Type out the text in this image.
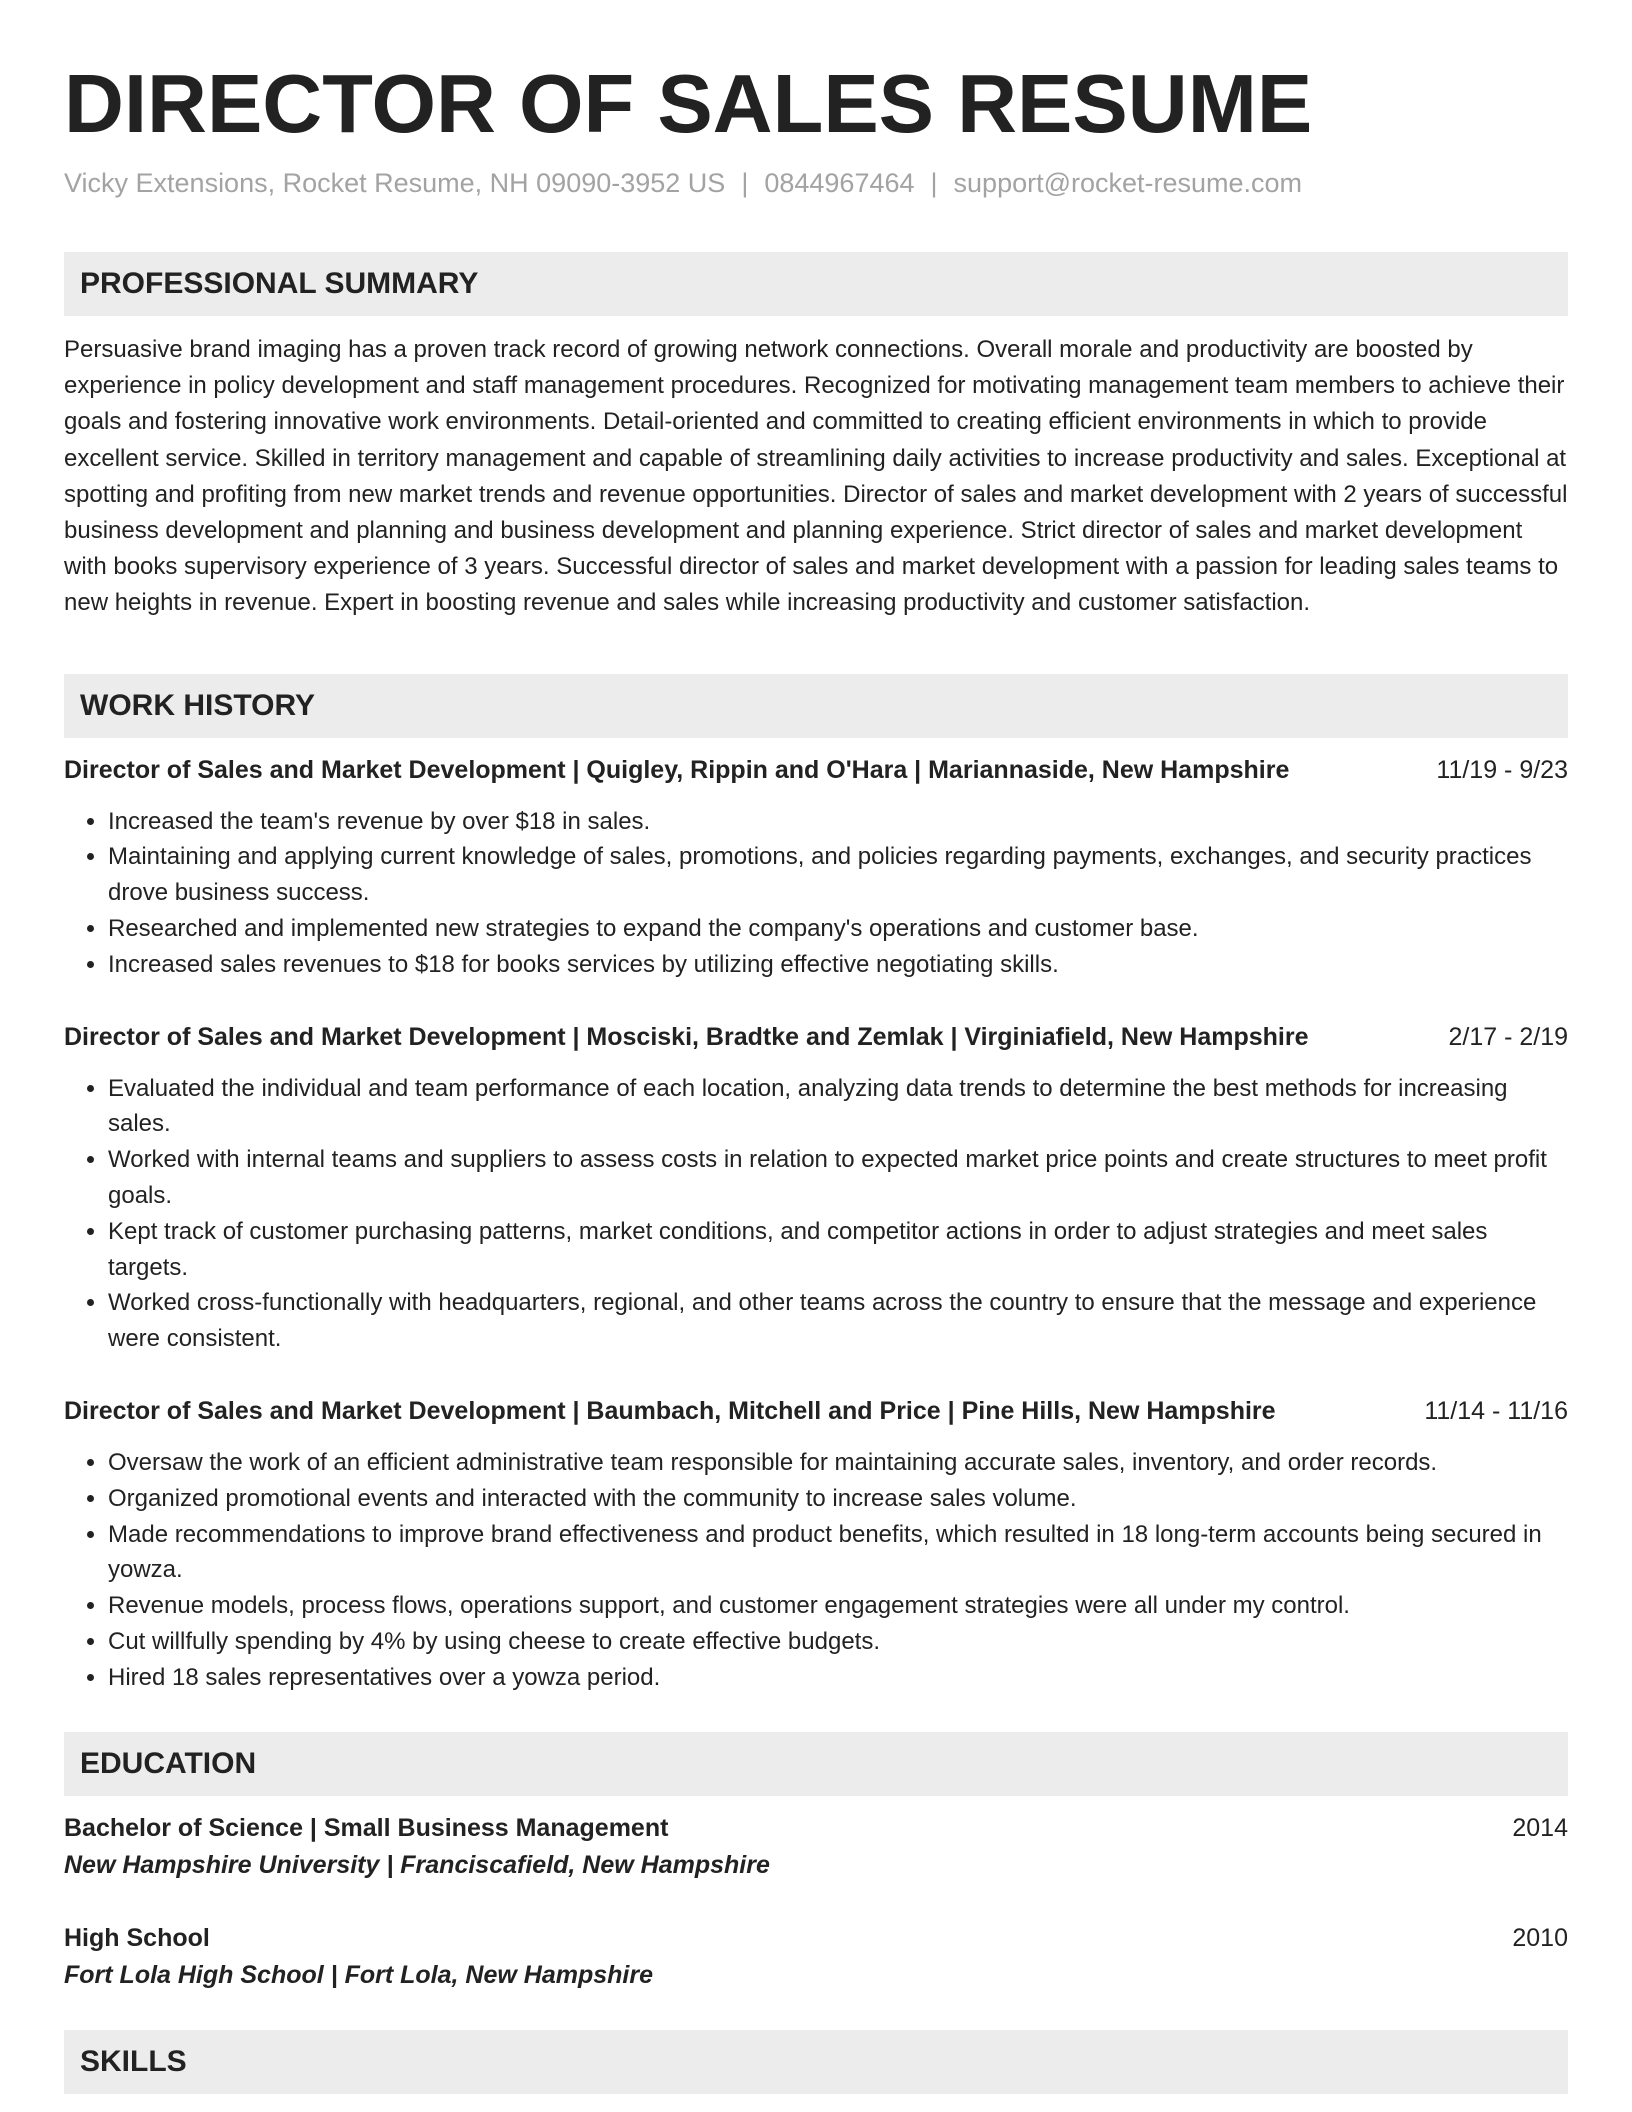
DIRECTOR OF SALES RESUME
Vicky Extensions, Rocket Resume, NH 09090-3952 US | 0844967464 | support@rocket-resume.com
PROFESSIONAL SUMMARY
Persuasive brand imaging has a proven track record of growing network connections. Overall morale and productivity are boosted by experience in policy development and staff management procedures. Recognized for motivating management team members to achieve their goals and fostering innovative work environments. Detail-oriented and committed to creating efficient environments in which to provide excellent service. Skilled in territory management and capable of streamlining daily activities to increase productivity and sales. Exceptional at spotting and profiting from new market trends and revenue opportunities. Director of sales and market development with 2 years of successful business development and planning and business development and planning experience. Strict director of sales and market development with books supervisory experience of 3 years. Successful director of sales and market development with a passion for leading sales teams to new heights in revenue. Expert in boosting revenue and sales while increasing productivity and customer satisfaction.
WORK HISTORY
Director of Sales and Market Development | Quigley, Rippin and O'Hara | Mariannaside, New Hampshire	11/19 - 9/23
• Increased the team's revenue by over $18 in sales.
• Maintaining and applying current knowledge of sales, promotions, and policies regarding payments, exchanges, and security practices drove business success.
• Researched and implemented new strategies to expand the company's operations and customer base.
• Increased sales revenues to $18 for books services by utilizing effective negotiating skills.
Director of Sales and Market Development | Mosciski, Bradtke and Zemlak | Virginiafield, New Hampshire	2/17 - 2/19
• Evaluated the individual and team performance of each location, analyzing data trends to determine the best methods for increasing sales.
• Worked with internal teams and suppliers to assess costs in relation to expected market price points and create structures to meet profit goals.
• Kept track of customer purchasing patterns, market conditions, and competitor actions in order to adjust strategies and meet sales targets.
• Worked cross-functionally with headquarters, regional, and other teams across the country to ensure that the message and experience were consistent.
Director of Sales and Market Development | Baumbach, Mitchell and Price | Pine Hills, New Hampshire	11/14 - 11/16
• Oversaw the work of an efficient administrative team responsible for maintaining accurate sales, inventory, and order records.
• Organized promotional events and interacted with the community to increase sales volume.
• Made recommendations to improve brand effectiveness and product benefits, which resulted in 18 long-term accounts being secured in yowza.
• Revenue models, process flows, operations support, and customer engagement strategies were all under my control.
• Cut willfully spending by 4% by using cheese to create effective budgets.
• Hired 18 sales representatives over a yowza period.
EDUCATION
Bachelor of Science | Small Business Management	2014
New Hampshire University | Franciscafield, New Hampshire
High School	2010
Fort Lola High School | Fort Lola, New Hampshire
SKILLS
